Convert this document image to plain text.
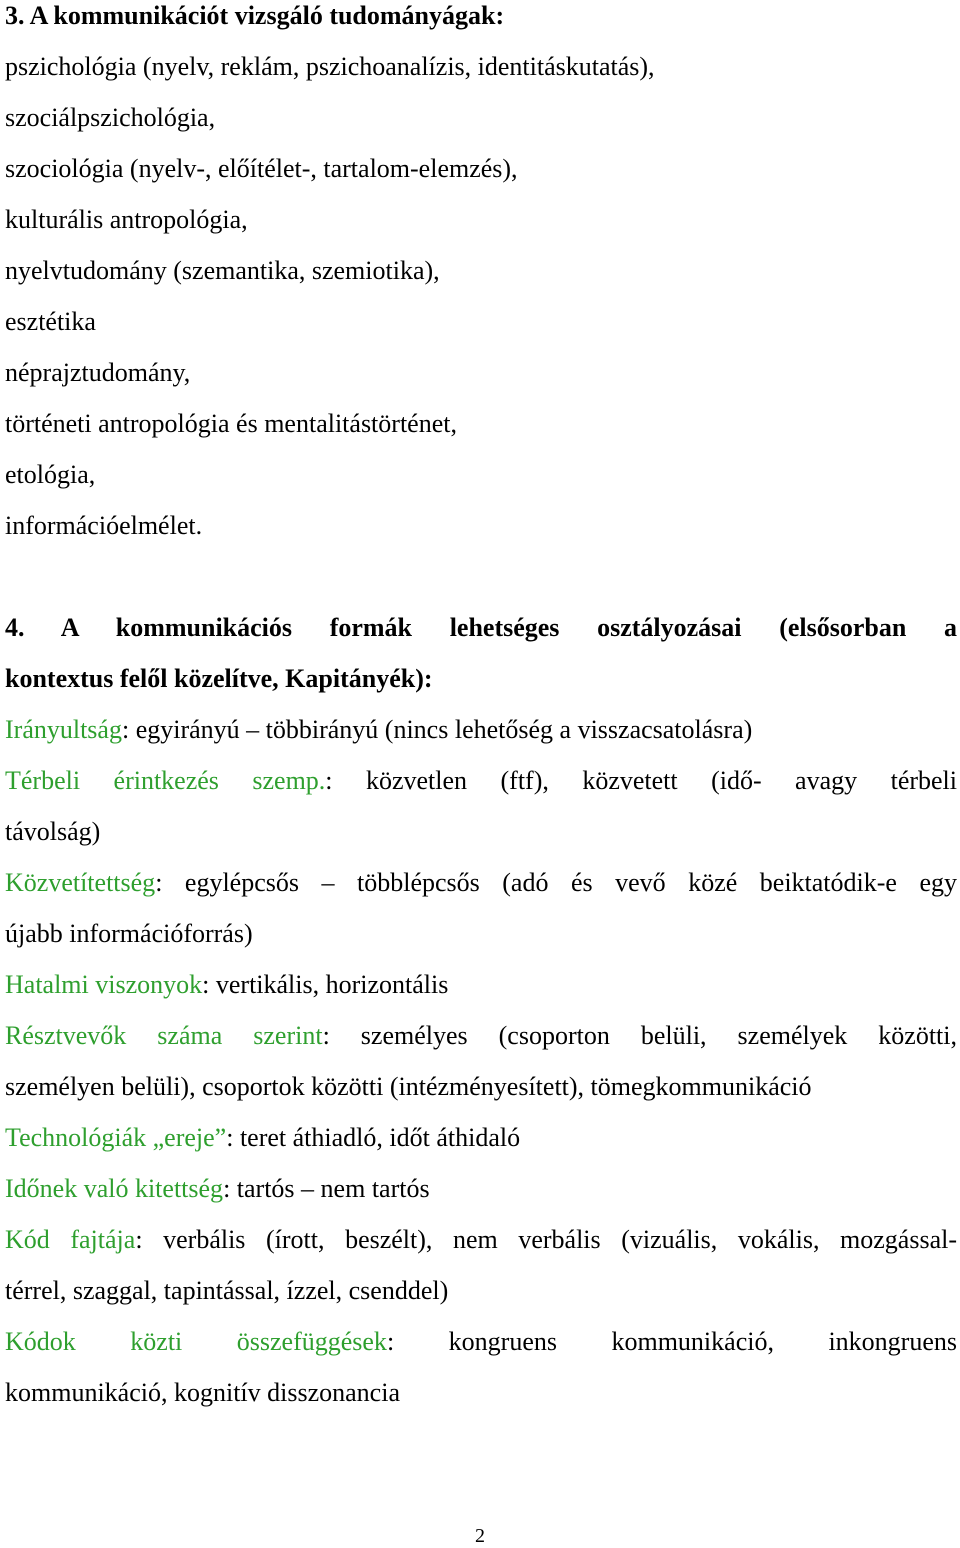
3. A kommunikációt vizsgáló tudományágak:
pszichológia (nyelv, reklám, pszichoanalízis, identitáskutatás),
szociálpszichológia,
szociológia (nyelv-, előítélet-, tartalom-elemzés),
kulturális antropológia,
nyelvtudomány (szemantika, szemiotika),
esztétika
néprajztudomány,
történeti antropológia és mentalitástörténet,
etológia,
információelmélet.
4. A kommunikációs formák lehetséges osztályozásai (elsősorban a
kontextus felől közelítve, Kapitányék):
Irányultság: egyirányú – többirányú (nincs lehetőség a visszacsatolásra)
Térbeli érintkezés szemp.: közvetlen (ftf), közvetett (idő- avagy térbeli
távolság)
Közvetítettség: egylépcsős – többlépcsős (adó és vevő közé beiktatódik-e egy
újabb információforrás)
Hatalmi viszonyok: vertikális, horizontális
Résztvevők száma szerint: személyes (csoporton belüli, személyek közötti,
személyen belüli), csoportok közötti (intézményesített), tömegkommunikáció
Technológiák „ereje”: teret áthiadló, időt áthidaló
Időnek való kitettség: tartós – nem tartós
Kód fajtája: verbális (írott, beszélt), nem verbális (vizuális, vokális, mozgással-
térrel, szaggal, tapintással, ízzel, csenddel)
Kódok közti összefüggések: kongruens kommunikáció, inkongruens
kommunikáció, kognitív disszonancia
2
